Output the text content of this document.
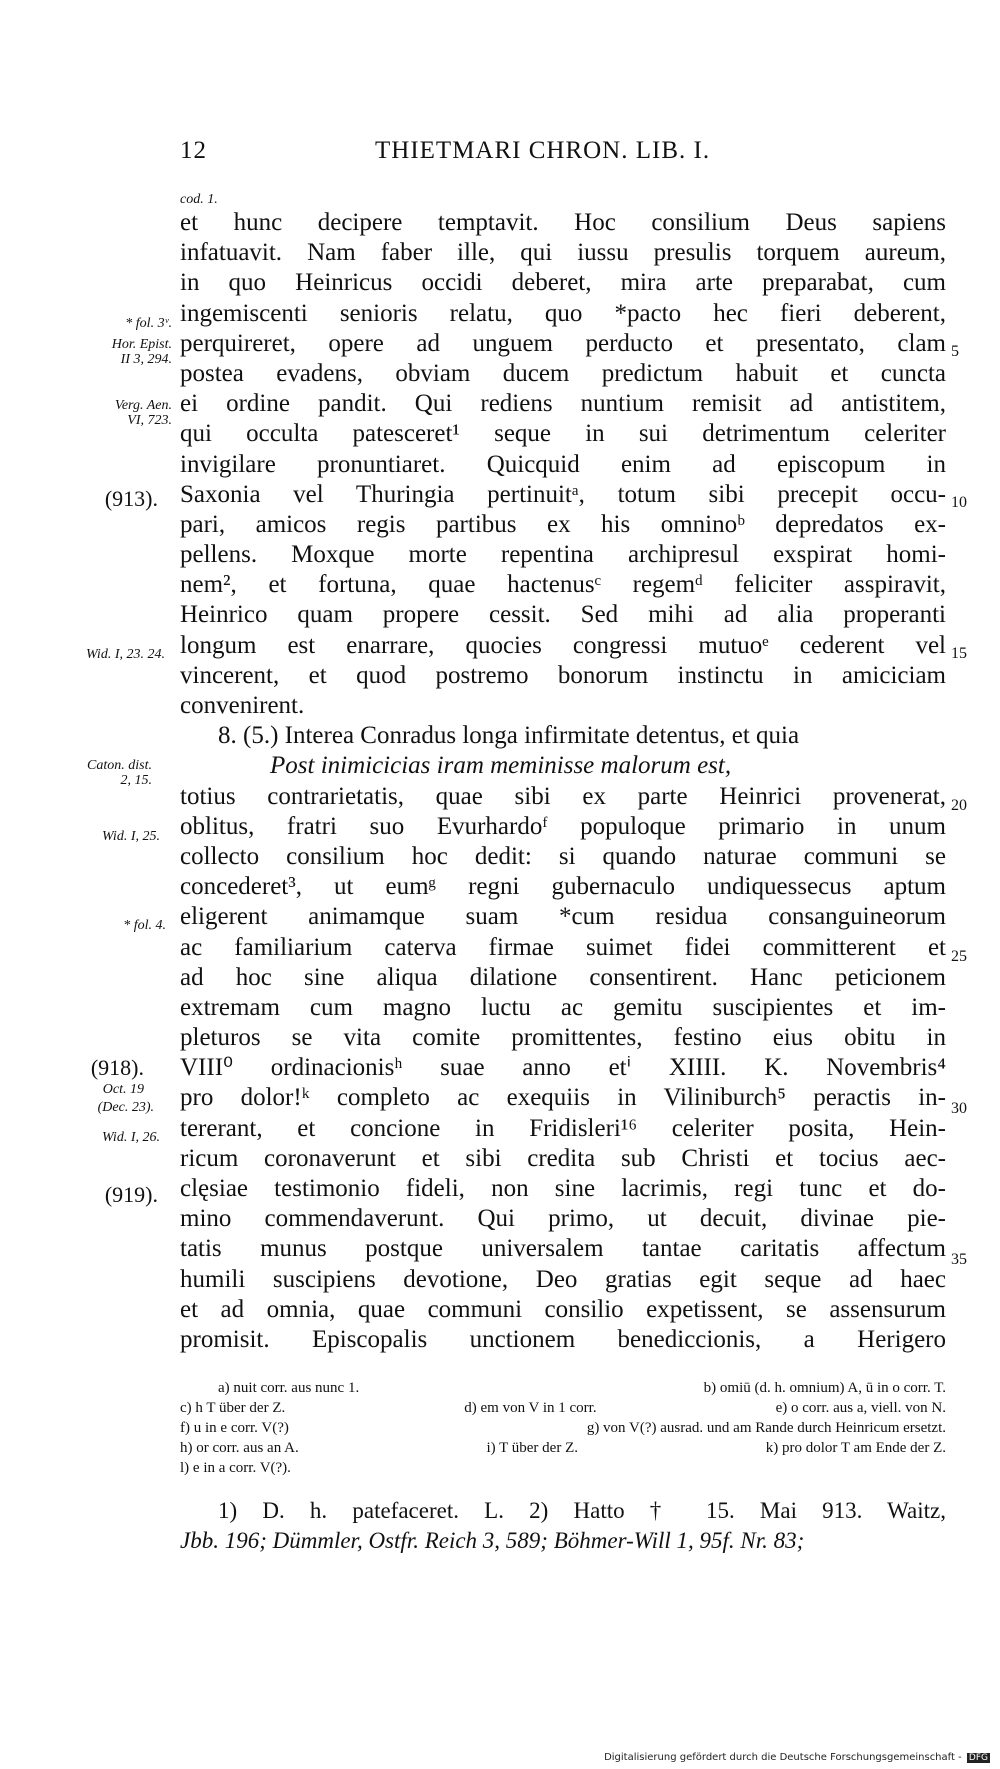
12	THIETMARI CHRON. LIB. I.
cod. 1.
et hunc decipere temptavit. Hoc consilium Deus sapiens
infatuavit. Nam faber ille, qui iussu presulis torquem aureum,
in quo Heinricus occidi deberet, mira arte preparabat, cum
ingemiscenti senioris relatu, quo *pacto hec fieri deberent,
perquireret, opere ad unguem perducto et presentato, clam
postea evadens, obviam ducem predictum habuit et cuncta
ei ordine pandit. Qui rediens nuntium remisit ad antistitem,
qui occulta patesceret¹ seque in sui detrimentum celeriter
invigilare pronuntiaret. Quicquid enim ad episcopum in
Saxonia vel Thuringia pertinuitᵃ, totum sibi precepit occu-
pari, amicos regis partibus ex his omninoᵇ depredatos ex-
pellens. Moxque morte repentina archipresul exspirat homi-
nem², et fortuna, quae hactenusᶜ regemᵈ feliciter asspiravit,
Heinrico quam propere cessit. Sed mihi ad alia properanti
longum est enarrare, quocies congressi mutuoᵉ cederent vel
vincerent, et quod postremo bonorum instinctu in amiciciam
convenirent.
8. (5.) Interea Conradus longa infirmitate detentus, et quia
Post inimicicias iram meminisse malorum est,
totius contrarietatis, quae sibi ex parte Heinrici provenerat,
oblitus, fratri suo Evurhardoᶠ populoque primario in unum
collecto consilium hoc dedit: si quando naturae communi se
concederet³, ut eumᵍ regni gubernaculo undiquessecus aptum
eligerent animamque suam *cum residua consanguineorum
ac familiarium caterva firmae suimet fidei committerent et
ad hoc sine aliqua dilatione consentirent. Hanc peticionem
extremam cum magno luctu ac gemitu suscipientes et im-
pleturos se vita comite promittentes, festino eius obitu in
VIII⁰ ordinacionisʰ suae anno etⁱ XIIII. K. Novembris⁴
pro dolor!ᵏ completo ac exequiis in Viliniburch⁵ peractis in-
tererant, et concione in Fridisleri¹⁶ celeriter posita, Hein-
ricum coronaverunt et sibi credita sub Christi et tocius aec-
clęsiae testimonio fideli, non sine lacrimis, regi tunc et do-
mino commendaverunt. Qui primo, ut decuit, divinae pie-
tatis munus postque universalem tantae caritatis affectum
humili suscipiens devotione, Deo gratias egit seque ad haec
et ad omnia, quae communi consilio expetissent, se assensurum
promisit. Episcopalis unctionem benediccionis, a Herigero
* fol. 3ᵛ.
Hor. Epist.
II 3, 294.
Verg. Aen.
VI, 723.
(913).
Wid. I, 23. 24.
Caton. dist.
2, 15.
Wid. I, 25.
* fol. 4.
(918).
Oct. 19
(Dec. 23).
Wid. I, 26.
(919).
5
10
15
20
25
30
35
a) nuit corr. aus nunc 1.	b) omiū (d. h. omnium) A, ū in o corr. T.
c) h T über der Z.	d) em von V in 1 corr.	e) o corr. aus a, viell. von N.
f) u in e corr. V(?)	g) von V(?) ausrad. und am Rande durch Heinricum ersetzt.
h) or corr. aus an A.	i) T über der Z.	k) pro dolor T am Ende der Z.
l) e in a corr. V(?).
1) D. h. patefaceret. L. 2) Hatto † 15. Mai 913. Waitz,
Jbb. 196; Dümmler, Ostfr. Reich 3, 589; Böhmer-Will 1, 95f. Nr. 83;
Digitalisierung gefördert durch die Deutsche Forschungsgemeinschaft - DFG
